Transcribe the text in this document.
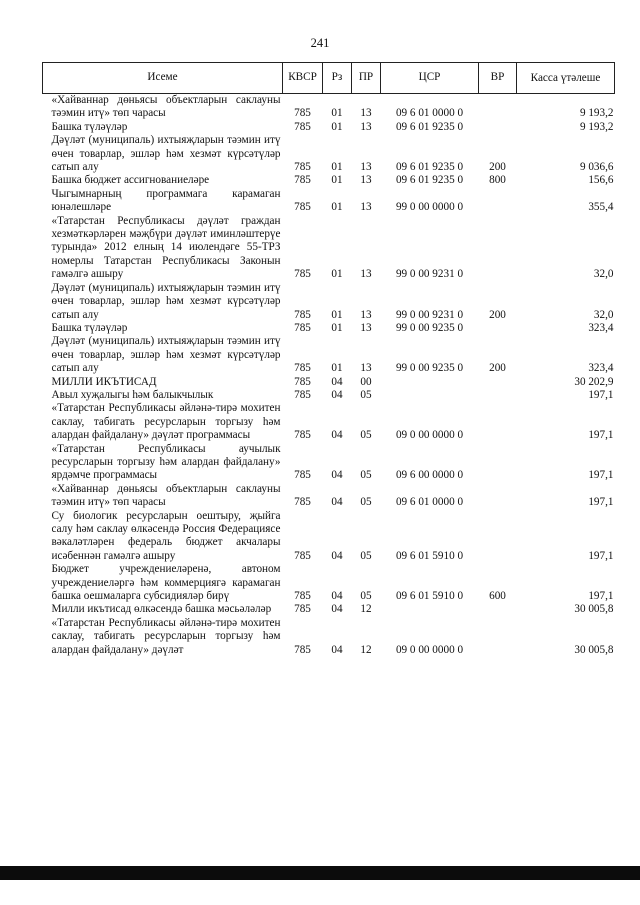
241
Исеме	КВСР	Рз	ПР	ЦСР	ВР	Касса үтәлеше
«Хайваннар дөньясы объектларын саклауны тәэмин итү» төп чарасы	785	01	13	09 6 01 0000 0		9 193,2
Башка түләүләр	785	01	13	09 6 01 9235 0		9 193,2
Дәүләт (муниципаль) ихтыяҗларын тәэмин итү өчен товарлар, эшләр һәм хезмәт күрсәтүләр сатып алу	785	01	13	09 6 01 9235 0	200	9 036,6
Башка бюджет ассигнованиеләре	785	01	13	09 6 01 9235 0	800	156,6
Чыгымнарның программага карамаган юнәлешләре	785	01	13	99 0 00 0000 0		355,4
«Татарстан Республикасы дәүләт граждан хезмәткәрләрен мәҗбүри дәүләт иминләштерүе турында» 2012 елның 14 июлендәге 55-ТРЗ номерлы Татарстан Республикасы Законын гамәлгә ашыру	785	01	13	99 0 00 9231 0		32,0
Дәүләт (муниципаль) ихтыяҗларын тәэмин итү өчен товарлар, эшләр һәм хезмәт күрсәтүләр сатып алу	785	01	13	99 0 00 9231 0	200	32,0
Башка түләүләр	785	01	13	99 0 00 9235 0		323,4
Дәүләт (муниципаль) ихтыяҗларын тәэмин итү өчен товарлар, эшләр һәм хезмәт күрсәтүләр сатып алу	785	01	13	99 0 00 9235 0	200	323,4
МИЛЛИ ИКЪТИСАД	785	04	00			30 202,9
Авыл хуҗалыгы һәм балыкчылык	785	04	05			197,1
«Татарстан Республикасы әйләнә-тирә мохитен саклау, табигать ресурсларын торгызу һәм алардан файдалану» дәүләт программасы	785	04	05	09 0 00 0000 0		197,1
«Татарстан Республикасы аучылык ресурсларын торгызу һәм алардан файдалану» ярдәмче программасы	785	04	05	09 6 00 0000 0		197,1
«Хайваннар дөньясы объектларын саклауны тәэмин итү» төп чарасы	785	04	05	09 6 01 0000 0		197,1
Су биологик ресурсларын оештыру, җыйга салу һәм саклау өлкәсендә Россия Федерациясе вәкаләтләрен федераль бюджет акчалары исәбеннән гамәлгә ашыру	785	04	05	09 6 01 5910 0		197,1
Бюджет учреждениеләренә, автоном учреждениеләргә һәм коммерциягә карамаган башка оешмаларга субсидияләр бирү	785	04	05	09 6 01 5910 0	600	197,1
Милли икътисад өлкәсендә башка мәсьәләләр	785	04	12			30 005,8
«Татарстан Республикасы әйләнә-тирә мохитен саклау, табигать ресурсларын торгызу һәм алардан файдалану» дәүләт	785	04	12	09 0 00 0000 0		30 005,8
